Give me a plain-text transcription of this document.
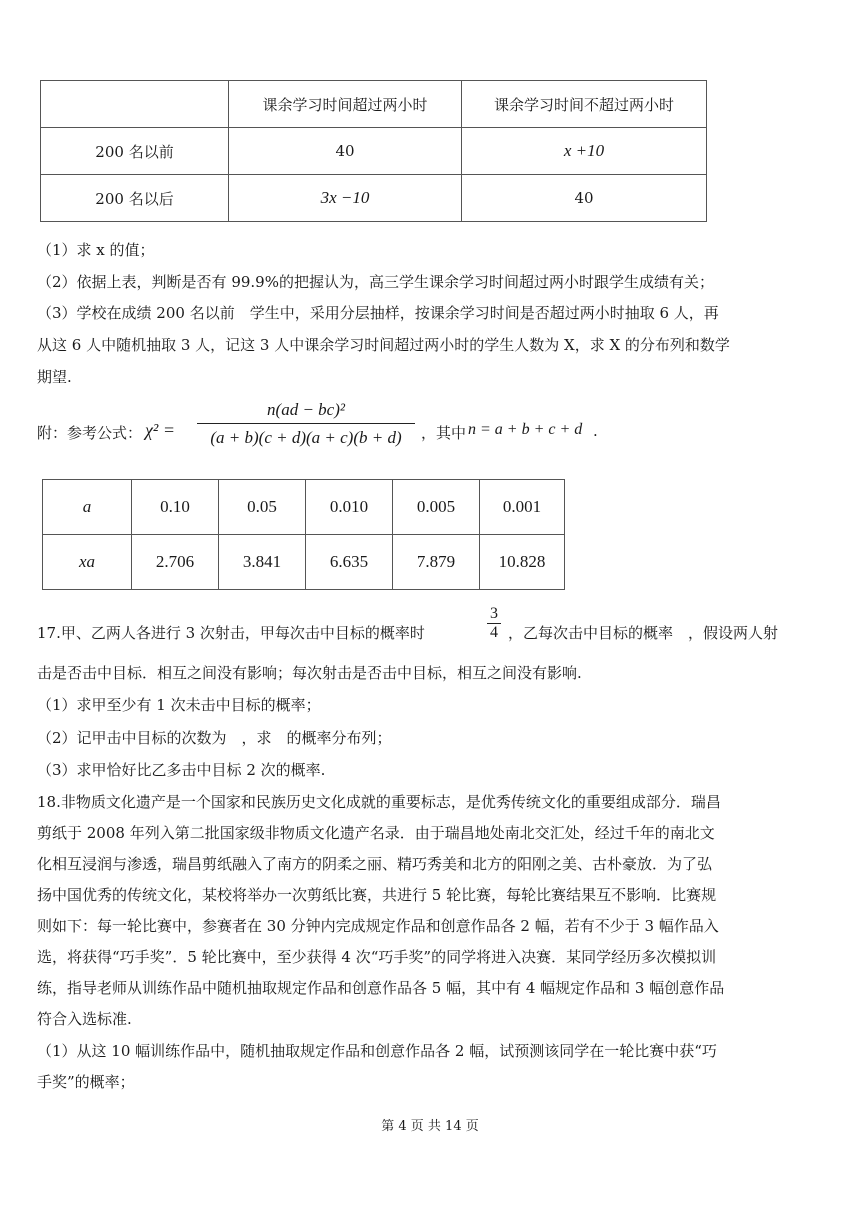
	课余学习时间超过两小时	课余学习时间不超过两小时
200 名以前	40	x +10
200 名以后	3x −10	40
（1）求 x 的值；
（2）依据上表，判断是否有 99.9%的把握认为，高三学生课余学习时间超过两小时跟学生成绩有关；
（3）学校在成绩 200 名以前　学生中，采用分层抽样，按课余学习时间是否超过两小时抽取 6 人，再
从这 6 人中随机抽取 3 人，记这 3 人中课余学习时间超过两小时的学生人数为 X，求 X 的分布列和数学
期望.
附：参考公式： χ² =
n(ad − bc)²
(a + b)(c + d)(a + c)(b + d)	，其中 n = a + b + c + d .
a	0.10	0.05	0.010	0.005	0.001
xa	2.706	3.841	6.635	7.879	10.828
17.甲、乙两人各进行 3 次射击，甲每次击中目标的概率时
3
4 ，乙每次击中目标的概率　，假设两人射
击是否击中目标．相互之间没有影响；每次射击是否击中目标，相互之间没有影响.
（1）求甲至少有 1 次未击中目标的概率；
（2）记甲击中目标的次数为　，求　的概率分布列；
（3）求甲恰好比乙多击中目标 2 次的概率.
18.非物质文化遗产是一个国家和民族历史文化成就的重要标志，是优秀传统文化的重要组成部分．瑞昌
剪纸于 2008 年列入第二批国家级非物质文化遗产名录．由于瑞昌地处南北交汇处，经过千年的南北文
化相互浸润与渗透，瑞昌剪纸融入了南方的阴柔之丽、精巧秀美和北方的阳刚之美、古朴豪放．为了弘
扬中国优秀的传统文化，某校将举办一次剪纸比赛，共进行 5 轮比赛，每轮比赛结果互不影响．比赛规
则如下：每一轮比赛中，参赛者在 30 分钟内完成规定作品和创意作品各 2 幅，若有不少于 3 幅作品入
选，将获得“巧手奖”．5 轮比赛中，至少获得 4 次“巧手奖”的同学将进入决赛．某同学经历多次模拟训
练，指导老师从训练作品中随机抽取规定作品和创意作品各 5 幅，其中有 4 幅规定作品和 3 幅创意作品
符合入选标准.
（1）从这 10 幅训练作品中，随机抽取规定作品和创意作品各 2 幅，试预测该同学在一轮比赛中获“巧
手奖”的概率；
第 4 页 共 14 页
